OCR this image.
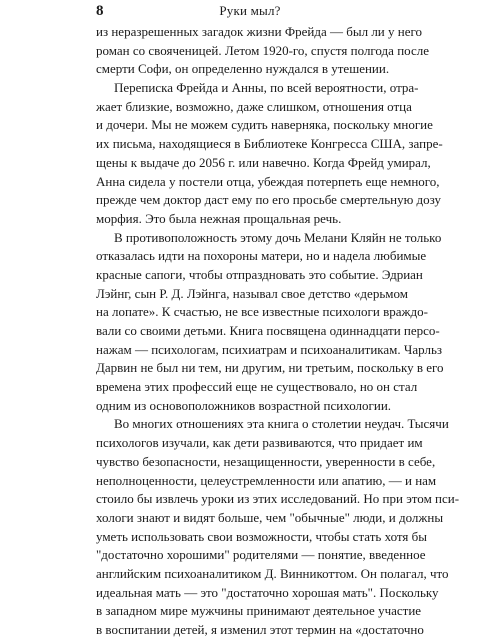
8	Руки мыл?
из неразрешенных загадок жизни Фрейда — был ли у него
роман со свояченицей. Летом 1920-го, спустя полгода после
смерти Софи, он определенно нуждался в утешении.
Переписка Фрейда и Анны, по всей вероятности, отра-
жает близкие, возможно, даже слишком, отношения отца
и дочери. Мы не можем судить наверняка, поскольку многие
их письма, находящиеся в Библиотеке Конгресса США, запре-
щены к выдаче до 2056 г. или навечно. Когда Фрейд умирал,
Анна сидела у постели отца, убеждая потерпеть еще немного,
прежде чем доктор даст ему по его просьбе смертельную дозу
морфия. Это была нежная прощальная речь.
В противоположность этому дочь Мелани Кляйн не только
отказалась идти на похороны матери, но и надела любимые
красные сапоги, чтобы отпраздновать это событие. Эдриан
Лэйнг, сын Р. Д. Лэйнга, называл свое детство «дерьмом
на лопате». К счастью, не все известные психологи враждо-
вали со своими детьми. Книга посвящена одиннадцати персо-
нажам — психологам, психиатрам и психоаналитикам. Чарльз
Дарвин не был ни тем, ни другим, ни третьим, поскольку в его
времена этих профессий еще не существовало, но он стал
одним из основоположников возрастной психологии.
Во многих отношениях эта книга о столетии неудач. Тысячи
психологов изучали, как дети развиваются, что придает им
чувство безопасности, незащищенности, уверенности в себе,
неполноценности, целеустремленности или апатию, — и нам
стоило бы извлечь уроки из этих исследований. Но при этом пси-
хологи знают и видят больше, чем "обычные" люди, и должны
уметь использовать свои возможности, чтобы стать хотя бы
"достаточно хорошими" родителями — понятие, введенное
английским психоаналитиком Д. Винникоттом. Он полагал, что
идеальная мать — это "достаточно хорошая мать". Поскольку
в западном мире мужчины принимают деятельное участие
в воспитании детей, я изменил этот термин на «достаточно
